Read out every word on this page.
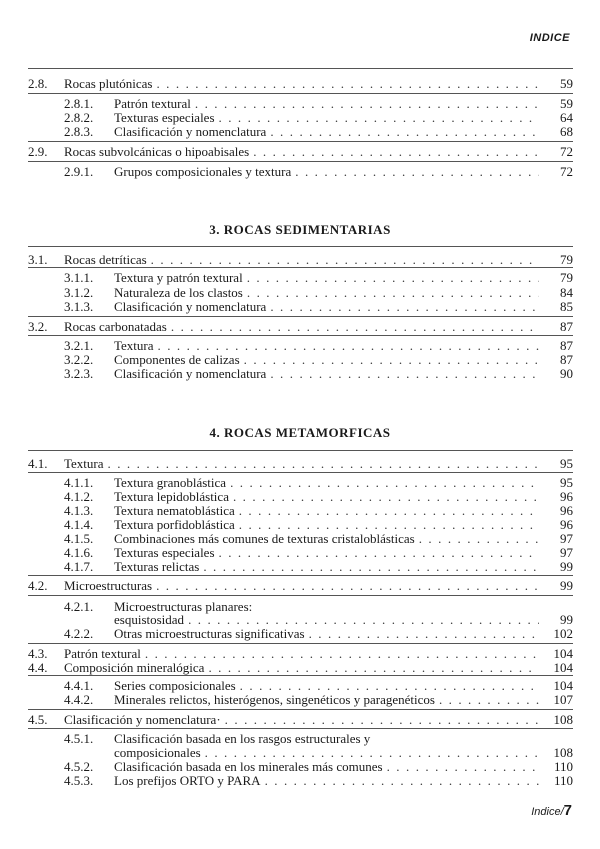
INDICE
2.8.	Rocas plutónicas . . .	59
2.8.1.	Patrón textural . . .	59
2.8.2.	Texturas especiales . . .	64
2.8.3.	Clasificación y nomenclatura . . .	68
2.9.	Rocas subvolcánicas o hipoabisales . . .	72
2.9.1.	Grupos composicionales y textura . . .	72
3.1.	Rocas detríticas . . .	79
3.1.1.	Textura y patrón textural . . .	79
3.1.2.	Naturaleza de los clastos . . .	84
3.1.3.	Clasificación y nomenclatura . . .	85
3.2.	Rocas carbonatadas . . .	87
3.2.1.	Textura . . .	87
3.2.2.	Componentes de calizas . . .	87
3.2.3.	Clasificación y nomenclatura . . .	90
4.1.	Textura . . .	95
4.1.1.	Textura granoblástica . . .	95
4.1.2.	Textura lepidoblástica . . .	96
4.1.3.	Textura nematoblástica . . .	96
4.1.4.	Textura porfidoblástica . . .	96
4.1.5.	Combinaciones más comunes de texturas cristaloblásticas . . .	97
4.1.6.	Texturas especiales . . .	97
4.1.7.	Texturas relictas . . .	99
4.2.	Microestructuras . . .	99
4.2.1.	Microestructuras planares:
esquistosidad . . .	99
4.2.2.	Otras microestructuras significativas . . .	102
4.3.	Patrón textural . . .	104
4.4.	Composición mineralógica . . .	104
4.4.1.	Series composicionales . . .	104
4.4.2.	Minerales relictos, histerógenos, singenéticos y paragenéticos . . .	107
4.5.	Clasificación y nomenclatura· . . .	108
4.5.1.	Clasificación basada en los rasgos estructurales y
composicionales . . .	108
4.5.2.	Clasificación basada en los minerales más comunes . . .	110
4.5.3.	Los prefijos ORTO y PARA . . .	110
3. ROCAS SEDIMENTARIAS
4. ROCAS METAMORFICAS
Indice/7
